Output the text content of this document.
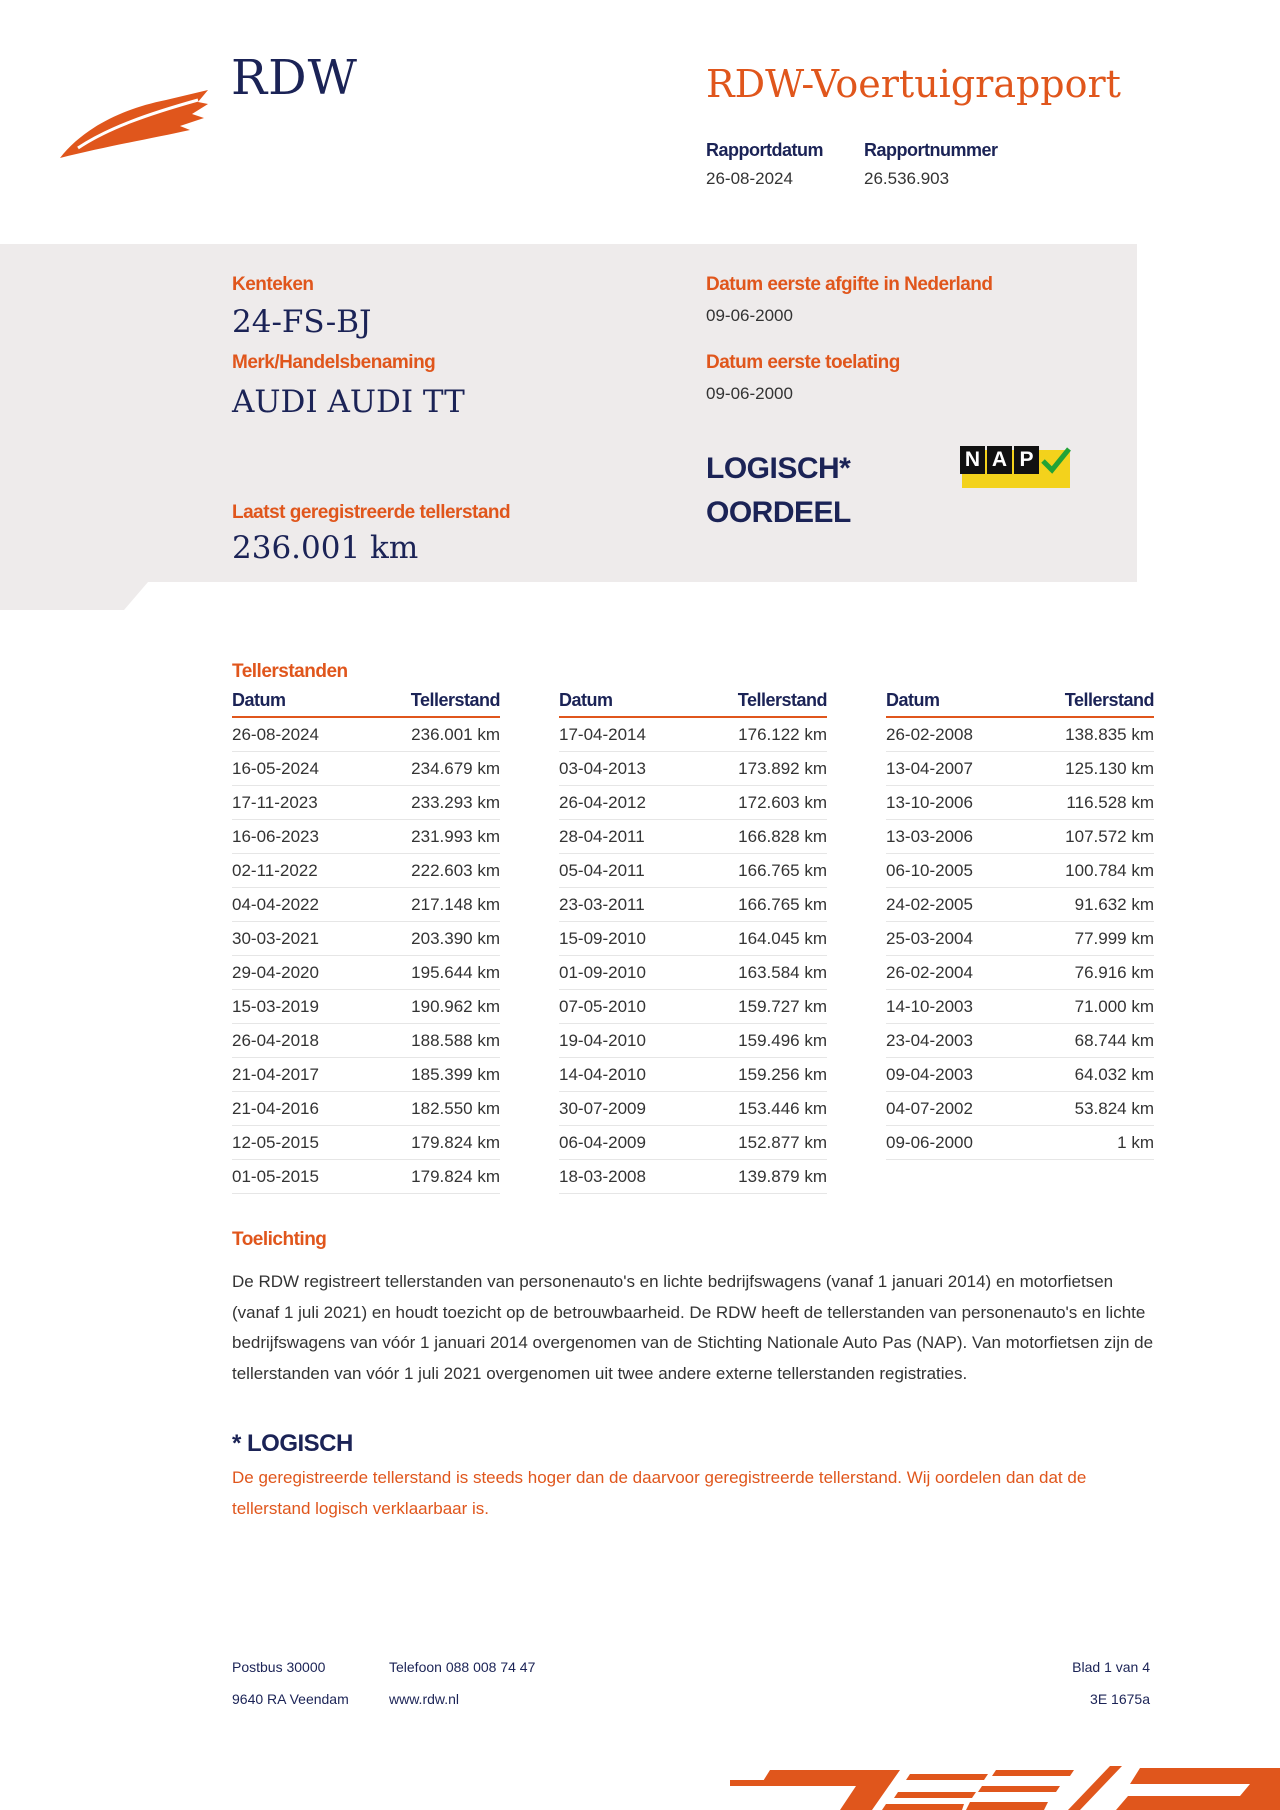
RDW	RDW-Voertuigrapport
Rapportdatum
26-08-2024
Rapportnummer
26.536.903
Kenteken
24-FS-BJ
Merk/Handelsbenaming
AUDI AUDI TT
Laatst geregistreerde tellerstand
236.001 km
Datum eerste afgifte in Nederland
09-06-2000
Datum eerste toelating
09-06-2000
LOGISCH*
OORDEEL
N A P
Tellerstanden
Datum	Tellerstand
26-08-2024	236.001 km
16-05-2024	234.679 km
17-11-2023	233.293 km
16-06-2023	231.993 km
02-11-2022	222.603 km
04-04-2022	217.148 km
30-03-2021	203.390 km
29-04-2020	195.644 km
15-03-2019	190.962 km
26-04-2018	188.588 km
21-04-2017	185.399 km
21-04-2016	182.550 km
12-05-2015	179.824 km
01-05-2015	179.824 km
Datum	Tellerstand
17-04-2014	176.122 km
03-04-2013	173.892 km
26-04-2012	172.603 km
28-04-2011	166.828 km
05-04-2011	166.765 km
23-03-2011	166.765 km
15-09-2010	164.045 km
01-09-2010	163.584 km
07-05-2010	159.727 km
19-04-2010	159.496 km
14-04-2010	159.256 km
30-07-2009	153.446 km
06-04-2009	152.877 km
18-03-2008	139.879 km
Datum	Tellerstand
26-02-2008	138.835 km
13-04-2007	125.130 km
13-10-2006	116.528 km
13-03-2006	107.572 km
06-10-2005	100.784 km
24-02-2005	91.632 km
25-03-2004	77.999 km
26-02-2004	76.916 km
14-10-2003	71.000 km
23-04-2003	68.744 km
09-04-2003	64.032 km
04-07-2002	53.824 km
09-06-2000	1 km
Toelichting

De RDW registreert tellerstanden van personenauto's en lichte bedrijfswagens (vanaf 1 januari 2014) en motorfietsen (vanaf 1 juli 2021) en houdt toezicht op de betrouwbaarheid. De RDW heeft de tellerstanden van personenauto's en lichte bedrijfswagens van vóór 1 januari 2014 overgenomen van de Stichting Nationale Auto Pas (NAP). Van motorfietsen zijn de tellerstanden van vóór 1 juli 2021 overgenomen uit twee andere externe tellerstanden registraties.

* LOGISCH

De geregistreerde tellerstand is steeds hoger dan de daarvoor geregistreerde tellerstand. Wij oordelen dan dat de tellerstand logisch verklaarbaar is.

Postbus 30000
9640 RA Veendam
Telefoon 088 008 74 47
www.rdw.nl
Blad 1 van 4
3E 1675a
